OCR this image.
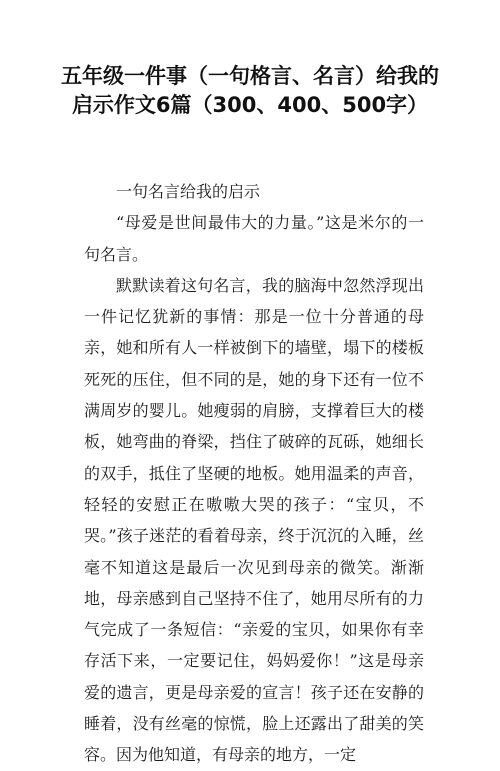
五年级一件事（一句格言、名言）给我的启示作文6篇（300、400、500字）

一句名言给我的启示

“母爱是世间最伟大的力量。”这是米尔的一句名言。

默默读着这句名言，我的脑海中忽然浮现出一件记忆犹新的事情：那是一位十分普通的母亲，她和所有人一样被倒下的墙壁，塌下的楼板死死的压住，但不同的是，她的身下还有一位不满周岁的婴儿。她瘦弱的肩膀，支撑着巨大的楼板，她弯曲的脊梁，挡住了破碎的瓦砾，她细长的双手，抵住了坚硬的地板。她用温柔的声音，轻轻的安慰正在嗷嗷大哭的孩子：“宝贝，不哭。”孩子迷茫的看着母亲，终于沉沉的入睡，丝毫不知道这是最后一次见到母亲的微笑。渐渐地，母亲感到自己坚持不住了，她用尽所有的力气完成了一条短信：“亲爱的宝贝，如果你有幸存活下来，一定要记住，妈妈爱你！”这是母亲爱的遗言，更是母亲爱的宣言！孩子还在安静的睡着，没有丝毫的惊慌，脸上还露出了甜美的笑容。因为他知道，有母亲的地方，一定
